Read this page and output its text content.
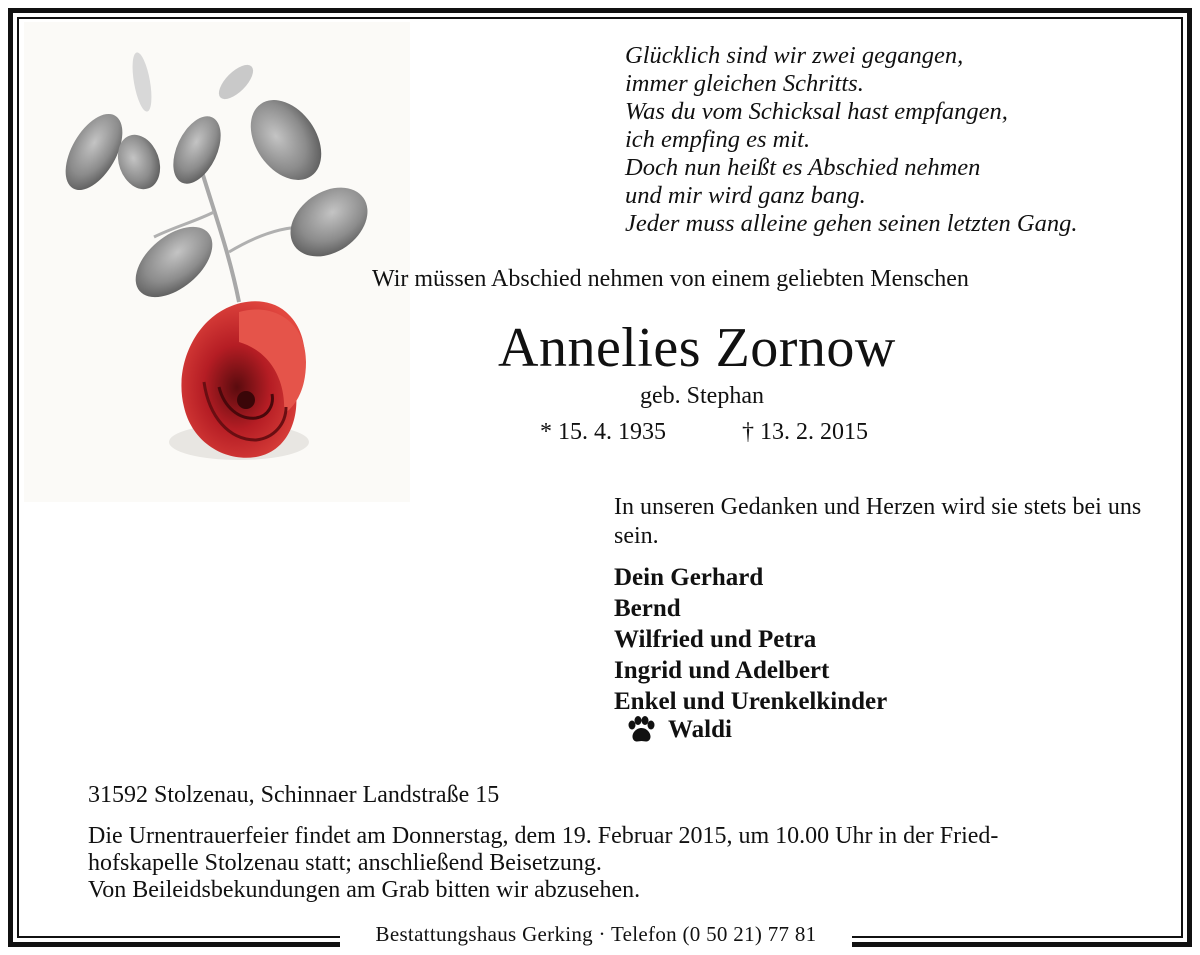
Glücklich sind wir zwei gegangen,
immer gleichen Schritts.
Was du vom Schicksal hast empfangen,
ich empfing es mit.
Doch nun heißt es Abschied nehmen
und mir wird ganz bang.
Jeder muss alleine gehen seinen letzten Gang.
Wir müssen Abschied nehmen von einem geliebten Menschen
Annelies Zornow
geb. Stephan
* 15. 4. 1935	† 13. 2. 2015
In unseren Gedanken und Herzen wird sie stets bei uns sein.
Dein Gerhard
Bernd
Wilfried und Petra
Ingrid und Adelbert
Enkel und Urenkelkinder
Waldi
31592 Stolzenau, Schinnaer Landstraße 15
Die Urnentrauerfeier findet am Donnerstag, dem 19. Februar 2015, um 10.00 Uhr in der Fried-
hofskapelle Stolzenau statt; anschließend Beisetzung.
Von Beileidsbekundungen am Grab bitten wir abzusehen.
Bestattungshaus Gerking · Telefon (0 50 21) 77 81
